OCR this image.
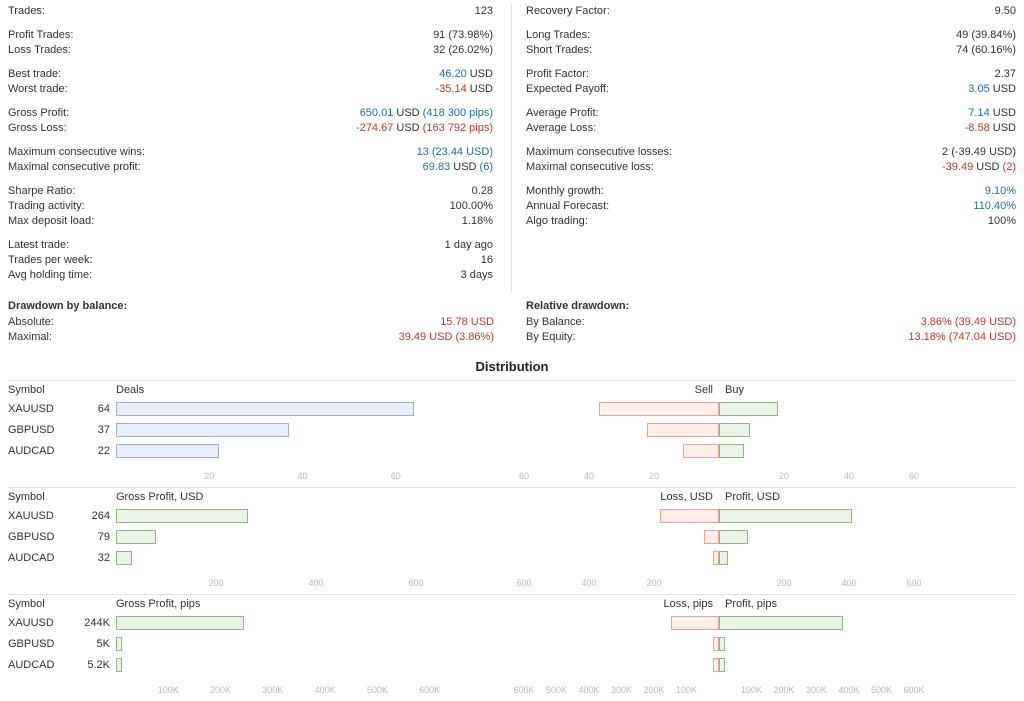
Trades:	123
Profit Trades:	91 (73.98%)
Loss Trades:	32 (26.02%)
Best trade:	46.20 USD
Worst trade:	-35.14 USD
Gross Profit:	650.01 USD (418 300 pips)
Gross Loss:	-274.67 USD (163 792 pips)
Maximum consecutive wins:	13 (23.44 USD)
Maximal consecutive profit:	69.83 USD (6)
Sharpe Ratio:	0.28
Trading activity:	100.00%
Max deposit load:	1.18%
Latest trade:	1 day ago
Trades per week:	16
Avg holding time:	3 days
Recovery Factor:	9.50
Long Trades:	49 (39.84%)
Short Trades:	74 (60.16%)
Profit Factor:	2.37
Expected Payoff:	3.05 USD
Average Profit:	7.14 USD
Average Loss:	-8.58 USD
Maximum consecutive losses:	2 (-39.49 USD)
Maximal consecutive loss:	-39.49 USD (2)
Monthly growth:	9.10%
Annual Forecast:	110.40%
Algo trading:	100%
Drawdown by balance:
Absolute:	15.78 USD
Maximal:	39.49 USD (3.86%)
Relative drawdown:
By Balance:	3.86% (39.49 USD)
By Equity:	13.18% (747.04 USD)
Distribution
Symbol	Deals	Sell Buy
XAUUSD	64
GBPUSD	37
AUDCAD	22
20	40	60	60	40	20	20	40	60
Symbol	Gross Profit, USD	Loss, USD Profit, USD
XAUUSD	264
GBPUSD	79
AUDCAD	32
200	400	600	600	400	200	200	400	600
Symbol	Gross Profit, pips	Loss, pips Profit, pips
XAUUSD	244K
GBPUSD	5K
AUDCAD	5.2K
100K	200K	300K	400K	500K	600K	600K 500K 400K 300K 200K 100K	100K 200K 300K 400K 500K 600K
